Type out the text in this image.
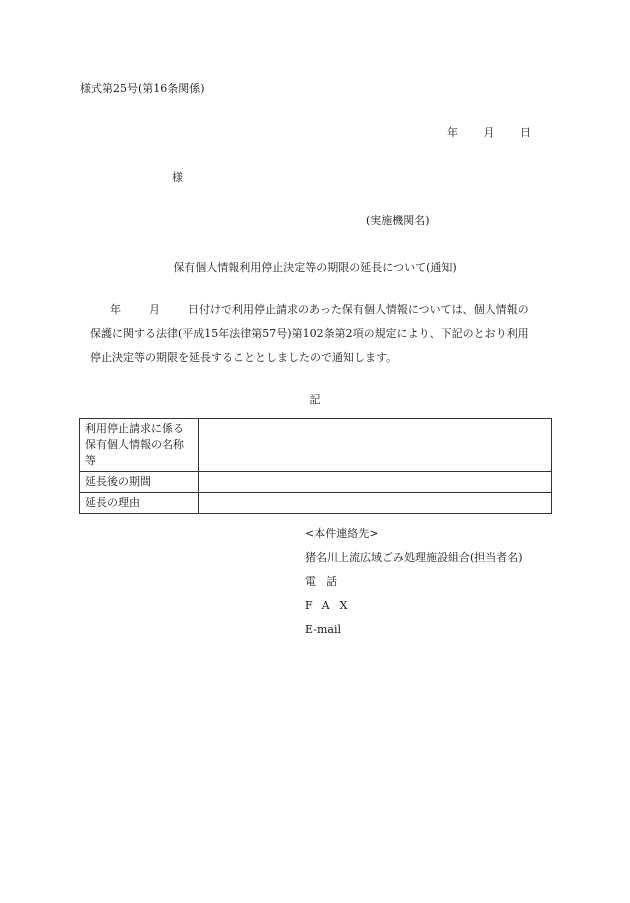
様式第25号(第16条関係)
年 月 日
様
(実施機関名)
保有個人情報利用停止決定等の期限の延長について(通知)
年	月	日付けで利用停止請求のあった保有個人情報については、個人情報の
保護に関する法律(平成15年法律第57号)第102条第2項の規定により、下記のとおり利用
停止決定等の期限を延長することとしましたので通知します。
記
利用停止請求に係る保有個人情報の名称等	
延長後の期間	
延長の理由	
<本件連絡先>
猪名川上流広域ごみ処理施設組合(担当者名)
電話
FAX
E-mail
